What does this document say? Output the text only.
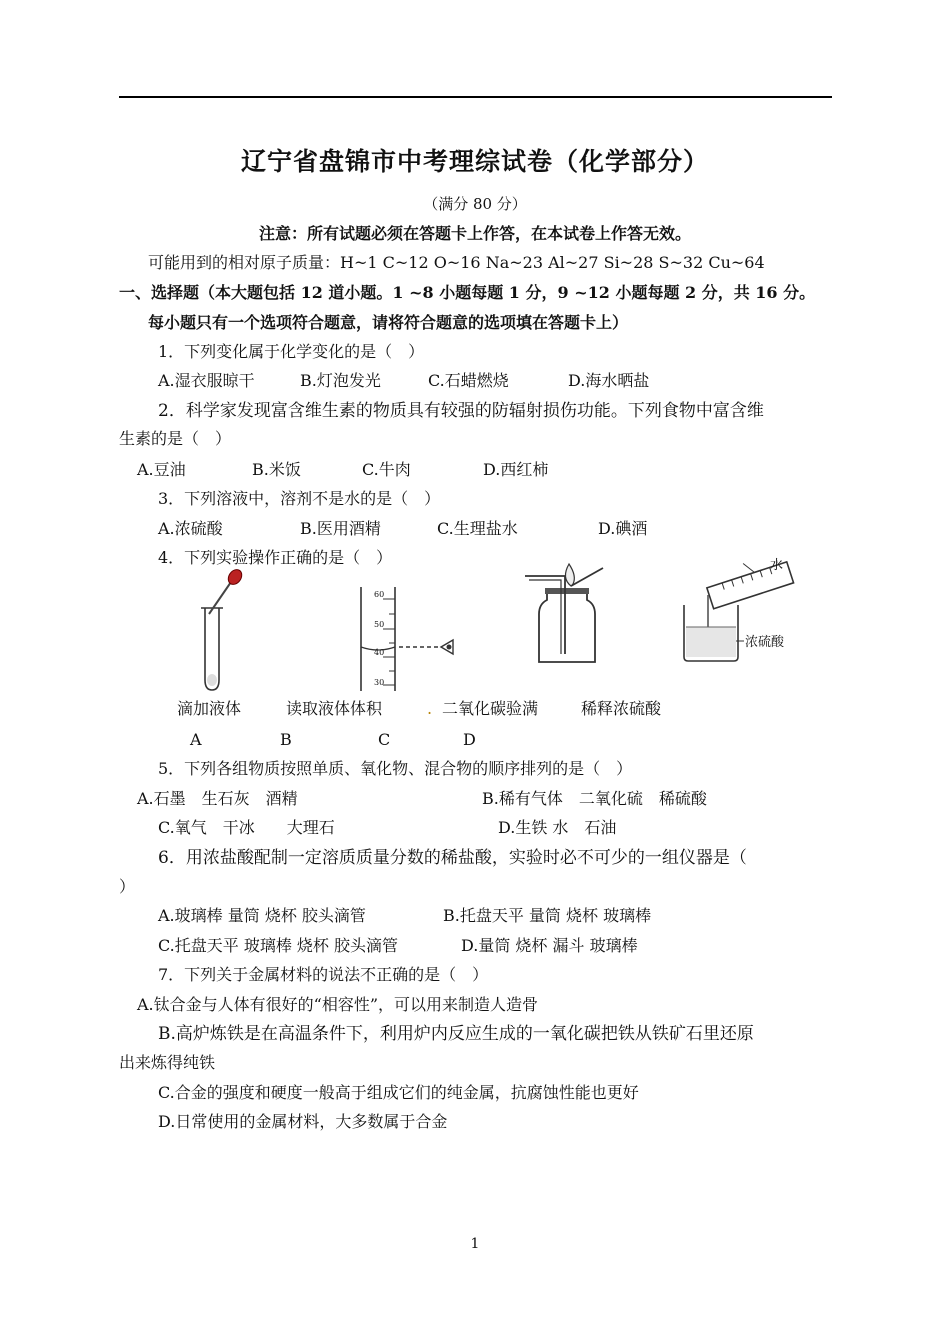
辽宁省盘锦市中考理综试卷（化学部分）
（满分 80 分）
注意：所有试题必须在答题卡上作答，在本试卷上作答无效。
可能用到的相对原子质量：H~1 C~12 O~16 Na~23 Al~27 Si~28 S~32 Cu~64
一、选择题（本大题包括 12 道小题。1 ~8 小题每题 1 分，9 ~12 小题每题 2 分，共 16 分。
每小题只有一个选项符合题意，请将符合题意的选项填在答题卡上）
1．下列变化属于化学变化的是（　）
A.湿衣服晾干	B.灯泡发光	C.石蜡燃烧	D.海水晒盐
2．科学家发现富含维生素的物质具有较强的防辐射损伤功能。下列食物中富含维
生素的是（　）
A.豆油	B.米饭	C.牛肉	D.西红柿
3．下列溶液中，溶剂不是水的是（　）
A.浓硫酸	B.医用酒精	C.生理盐水	D.碘酒
4．下列实验操作正确的是（　）
60
50
40
30
水
浓硫酸
滴加液体	读取液体体积	. 二氧化碳验满	稀释浓硫酸
A	B	C	D
5．下列各组物质按照单质、氧化物、混合物的顺序排列的是（　）
A.石墨　生石灰　酒精	B.稀有气体　二氧化硫　稀硫酸
C.氧气　干冰　　大理石	D.生铁 水　石油
6．用浓盐酸配制一定溶质质量分数的稀盐酸，实验时必不可少的一组仪器是（
）
A.玻璃棒 量筒 烧杯 胶头滴管	B.托盘天平 量筒 烧杯 玻璃棒
C.托盘天平 玻璃棒 烧杯 胶头滴管	D.量筒 烧杯 漏斗 玻璃棒
7．下列关于金属材料的说法不正确的是（　）
A.钛合金与人体有很好的“相容性”，可以用来制造人造骨
B.高炉炼铁是在高温条件下，利用炉内反应生成的一氧化碳把铁从铁矿石里还原
出来炼得纯铁
C.合金的强度和硬度一般高于组成它们的纯金属，抗腐蚀性能也更好
D.日常使用的金属材料，大多数属于合金
1
